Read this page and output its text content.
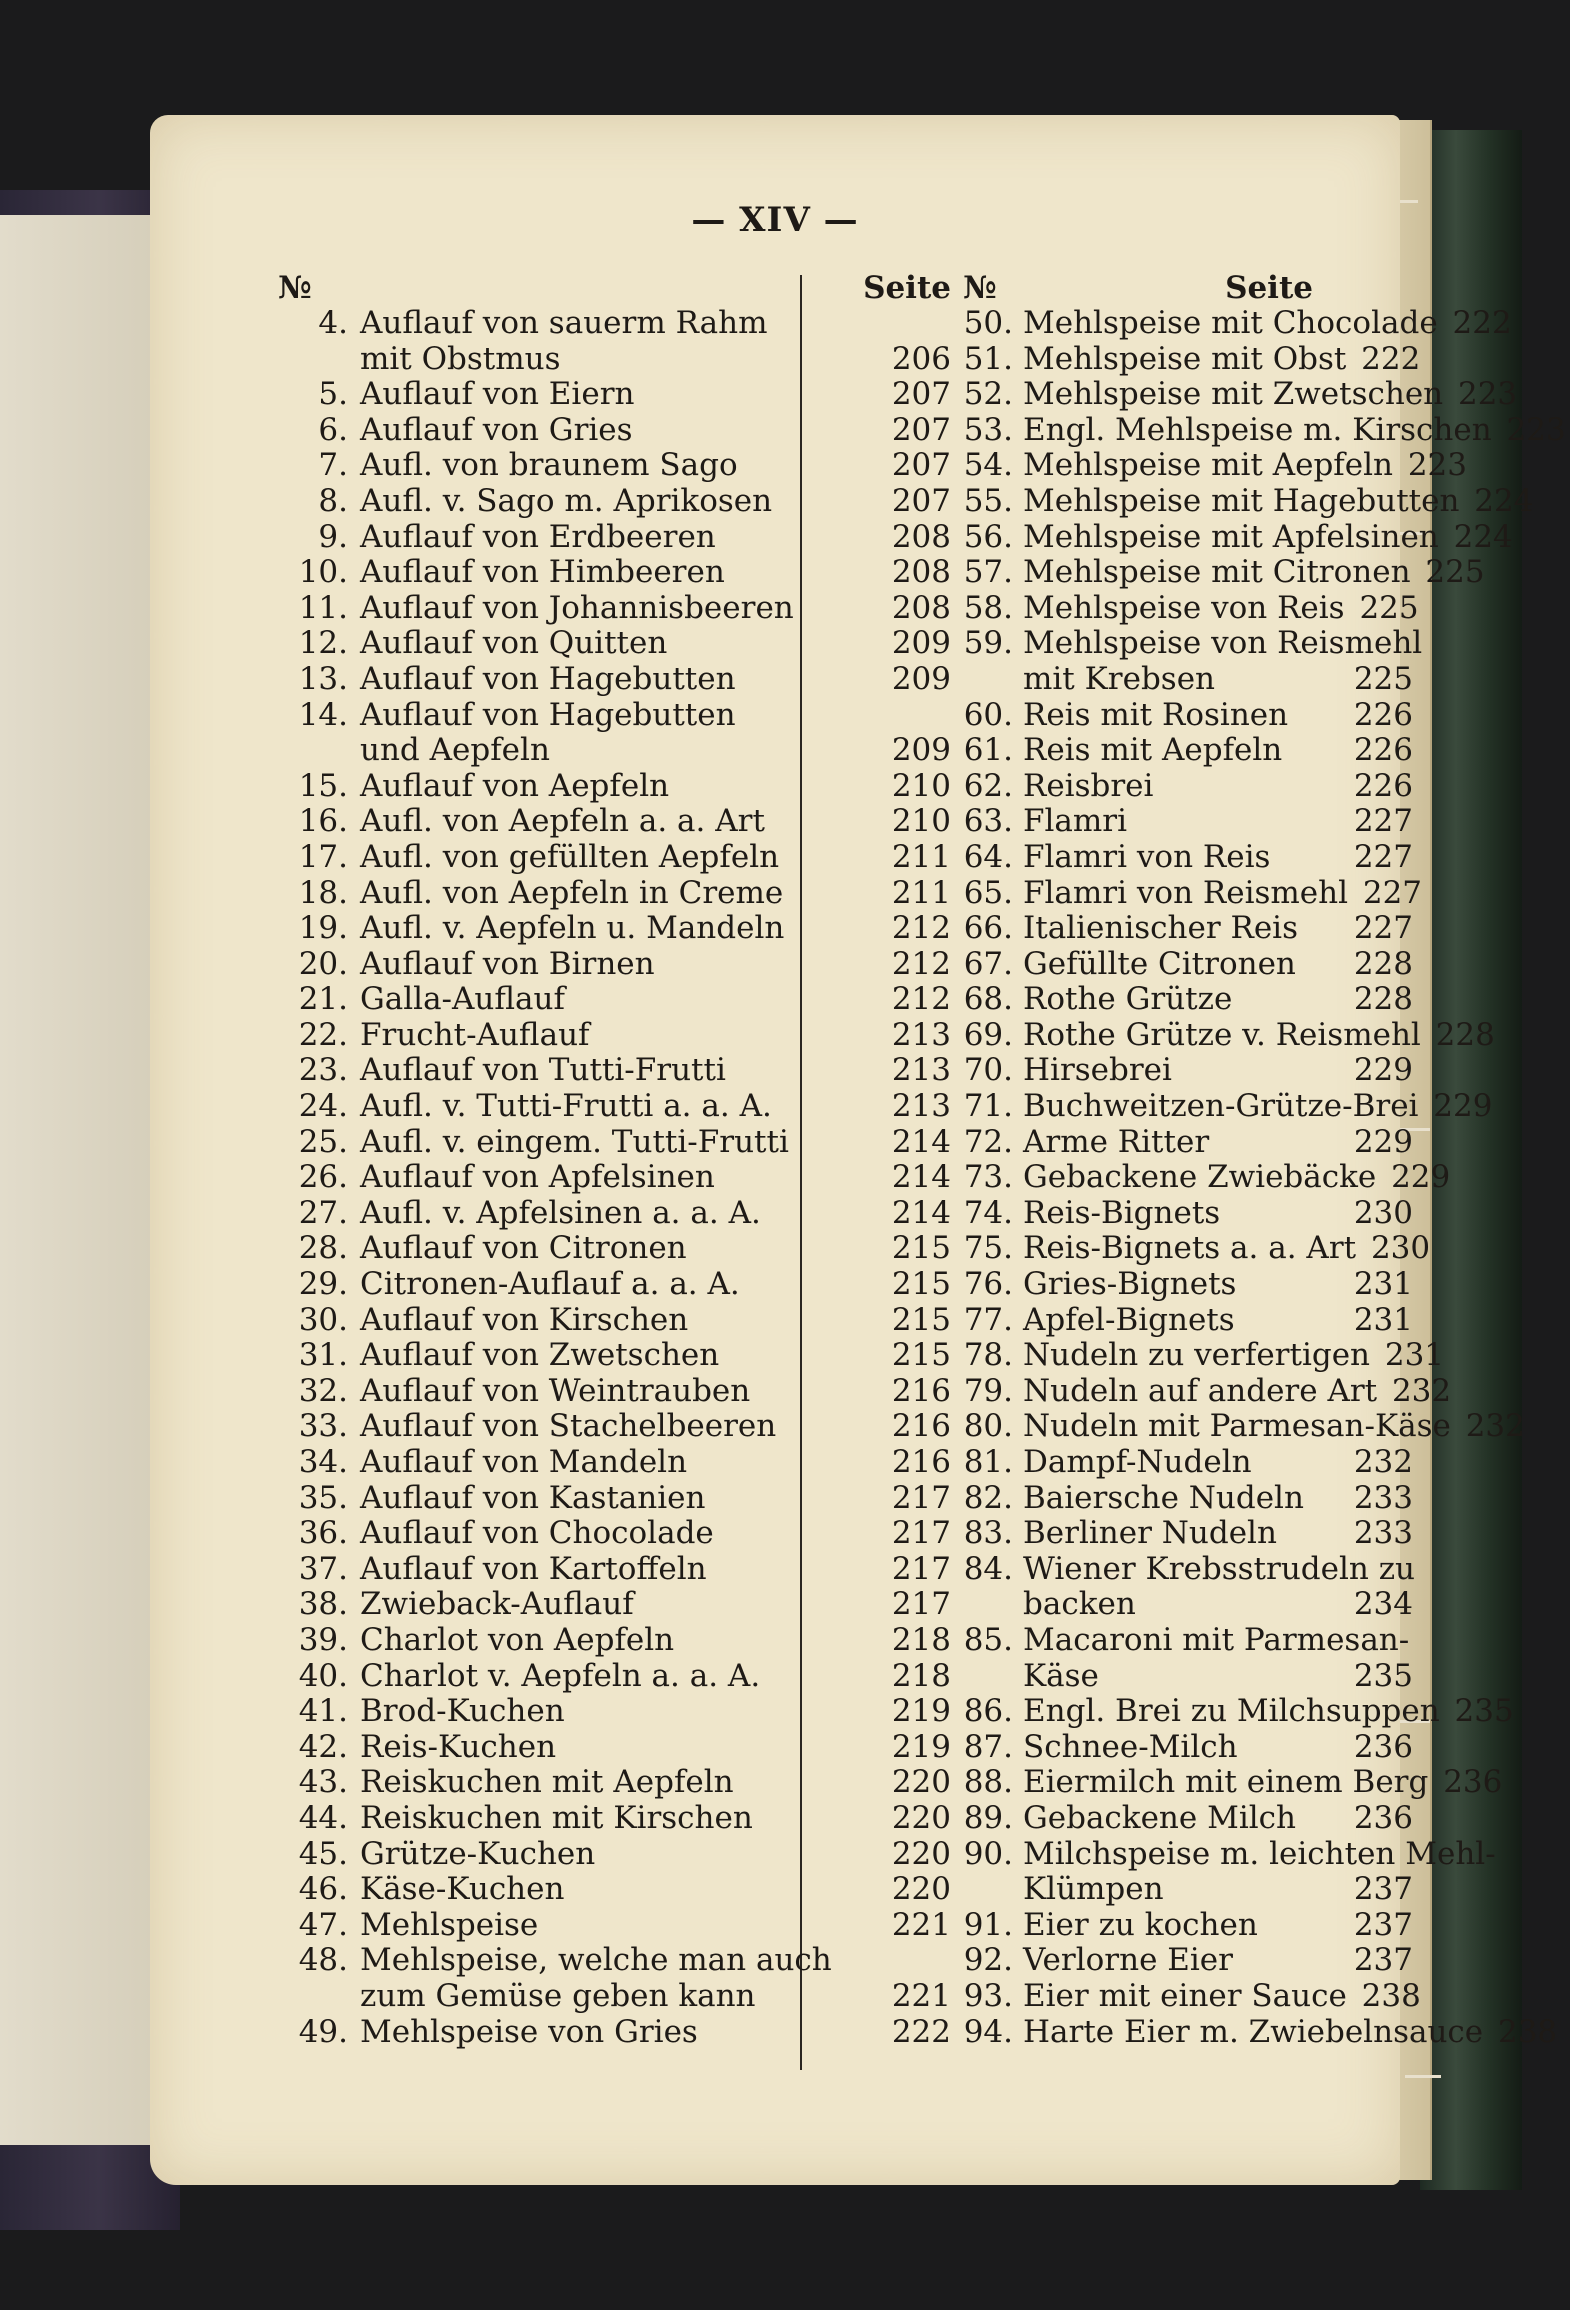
— XIV —
№	Seite
4. Auflauf von sauerm Rahm
mit Obstmus	206
5. Auflauf von Eiern	207
6. Auflauf von Gries	207
7. Aufl. von braunem Sago	207
8. Aufl. v. Sago m. Aprikosen	207
9. Auflauf von Erdbeeren	208
10. Auflauf von Himbeeren	208
11. Auflauf von Johannisbeeren	208
12. Auflauf von Quitten	209
13. Auflauf von Hagebutten	209
14. Auflauf von Hagebutten
und Aepfeln	209
15. Auflauf von Aepfeln	210
16. Aufl. von Aepfeln a. a. Art	210
17. Aufl. von gefüllten Aepfeln	211
18. Aufl. von Aepfeln in Creme	211
19. Aufl. v. Aepfeln u. Mandeln	212
20. Auflauf von Birnen	212
21. Galla-Auflauf	212
22. Frucht-Auflauf	213
23. Auflauf von Tutti-Frutti	213
24. Aufl. v. Tutti-Frutti a. a. A.	213
25. Aufl. v. eingem. Tutti-Frutti	214
26. Auflauf von Apfelsinen	214
27. Aufl. v. Apfelsinen a. a. A.	214
28. Auflauf von Citronen	215
29. Citronen-Auflauf a. a. A.	215
30. Auflauf von Kirschen	215
31. Auflauf von Zwetschen	215
32. Auflauf von Weintrauben	216
33. Auflauf von Stachelbeeren	216
34. Auflauf von Mandeln	216
35. Auflauf von Kastanien	217
36. Auflauf von Chocolade	217
37. Auflauf von Kartoffeln	217
38. Zwieback-Auflauf	217
39. Charlot von Aepfeln	218
40. Charlot v. Aepfeln a. a. A.	218
41. Brod-Kuchen	219
42. Reis-Kuchen	219
43. Reiskuchen mit Aepfeln	220
44. Reiskuchen mit Kirschen	220
45. Grütze-Kuchen	220
46. Käse-Kuchen	220
47. Mehlspeise	221
48. Mehlspeise, welche man auch
zum Gemüse geben kann	221
49. Mehlspeise von Gries	222
№	Seite
50. Mehlspeise mit Chocolade 222
51. Mehlspeise mit Obst 222
52. Mehlspeise mit Zwetschen 223
53. Engl. Mehlspeise m. Kirschen 223
54. Mehlspeise mit Aepfeln 223
55. Mehlspeise mit Hagebutten 224
56. Mehlspeise mit Apfelsinen 224
57. Mehlspeise mit Citronen 225
58. Mehlspeise von Reis 225
59. Mehlspeise von Reismehl
mit Krebsen	225
60. Reis mit Rosinen	226
61. Reis mit Aepfeln	226
62. Reisbrei	226
63. Flamri	227
64. Flamri von Reis	227
65. Flamri von Reismehl 227
66. Italienischer Reis	227
67. Gefüllte Citronen	228
68. Rothe Grütze	228
69. Rothe Grütze v. Reismehl 228
70. Hirsebrei	229
71. Buchweitzen-Grütze-Brei 229
72. Arme Ritter	229
73. Gebackene Zwiebäcke 229
74. Reis-Bignets	230
75. Reis-Bignets a. a. Art 230
76. Gries-Bignets	231
77. Apfel-Bignets	231
78. Nudeln zu verfertigen 231
79. Nudeln auf andere Art 232
80. Nudeln mit Parmesan-Käse 232
81. Dampf-Nudeln	232
82. Baiersche Nudeln	233
83. Berliner Nudeln	233
84. Wiener Krebsstrudeln zu
backen	234
85. Macaroni mit Parmesan-
Käse	235
86. Engl. Brei zu Milchsuppen 235
87. Schnee-Milch	236
88. Eiermilch mit einem Berg 236
89. Gebackene Milch	236
90. Milchspeise m. leichten Mehl-
Klümpen	237
91. Eier zu kochen	237
92. Verlorne Eier	237
93. Eier mit einer Sauce 238
94. Harte Eier m. Zwiebelnsauce 238
